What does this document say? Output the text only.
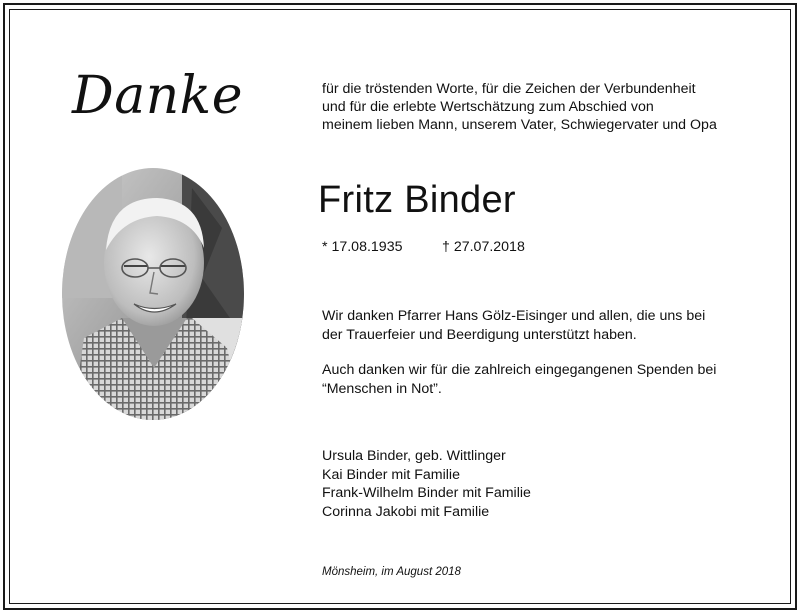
Danke	für die tröstenden Worte, für die Zeichen der Verbundenheit
und für die erlebte Wertschätzung zum Abschied von
meinem lieben Mann, unserem Vater, Schwiegervater und Opa
Fritz Binder
* 17.08.1935	† 27.07.2018
Wir danken Pfarrer Hans Gölz-Eisinger und allen, die uns bei
der Trauerfeier und Beerdigung unterstützt haben.
Auch danken wir für die zahlreich eingegangenen Spenden bei
“Menschen in Not”.
Ursula Binder, geb. Wittlinger
Kai Binder mit Familie
Frank-Wilhelm Binder mit Familie
Corinna Jakobi mit Familie
Mönsheim, im August 2018
